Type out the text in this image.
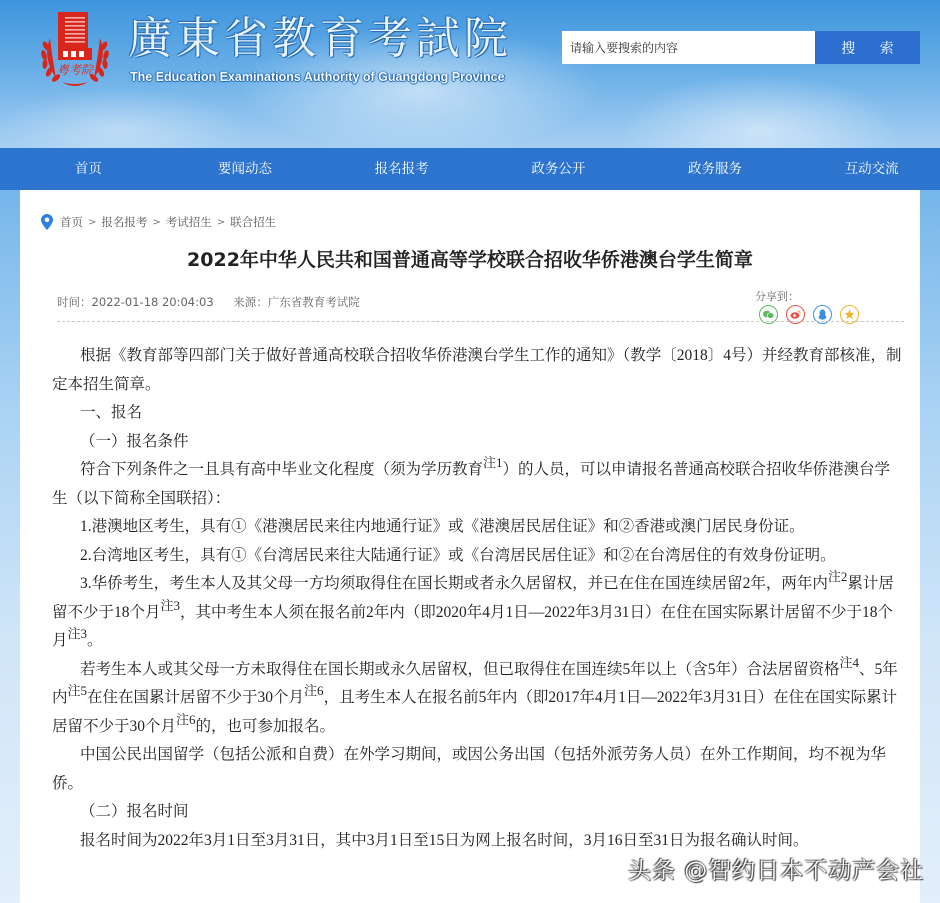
粤考院
廣東省教育考試院
The Education Examinations Authority of Guangdong Province
请输入要搜索的内容
搜 索
首页	要闻动态	报名报考	政务公开	政务服务	互动交流
首页 > 报名报考 > 考试招生 > 联合招生
2022年中华人民共和国普通高等学校联合招收华侨港澳台学生简章
时间：2022-01-18 20:04:03 来源：广东省教育考试院	分享到：

根据《教育部等四部门关于做好普通高校联合招收华侨港澳台学生工作的通知》（教学〔2018〕4号）并经教育部核准，制定本招生简章。

一、报名

（一）报名条件

符合下列条件之一且具有高中毕业文化程度（须为学历教育$^{注1}$）的人员，可以申请报名普通高校联合招收华侨港澳台学生（以下简称全国联招）：

1.港澳地区考生，具有①《港澳居民来往内地通行证》或《港澳居民居住证》和②香港或澳门居民身份证。

2.台湾地区考生，具有①《台湾居民来往大陆通行证》或《台湾居民居住证》和②在台湾居住的有效身份证明。

3.华侨考生，考生本人及其父母一方均须取得住在国长期或者永久居留权，并已在住在国连续居留2年，两年内$^{注2}$累计居留不少于18个月$^{注3}$，其中考生本人须在报名前2年内（即2020年4月1日—2022年3月31日）在住在国实际累计居留不少于18个月$^{注3}$。

若考生本人或其父母一方未取得住在国长期或永久居留权，但已取得住在国连续5年以上（含5年）合法居留资格$^{注4}$、5年内$^{注5}$在住在国累计居留不少于30个月$^{注6}$，且考生本人在报名前5年内（即2017年4月1日—2022年3月31日）在住在国实际累计居留不少于30个月$^{注6}$的，也可参加报名。

中国公民出国留学（包括公派和自费）在外学习期间，或因公务出国（包括外派劳务人员）在外工作期间，均不视为华侨。

（二）报名时间

报名时间为2022年3月1日至3月31日，其中3月1日至15日为网上报名时间，3月16日至31日为报名确认时间。

头条 @智约日本不动产会社
